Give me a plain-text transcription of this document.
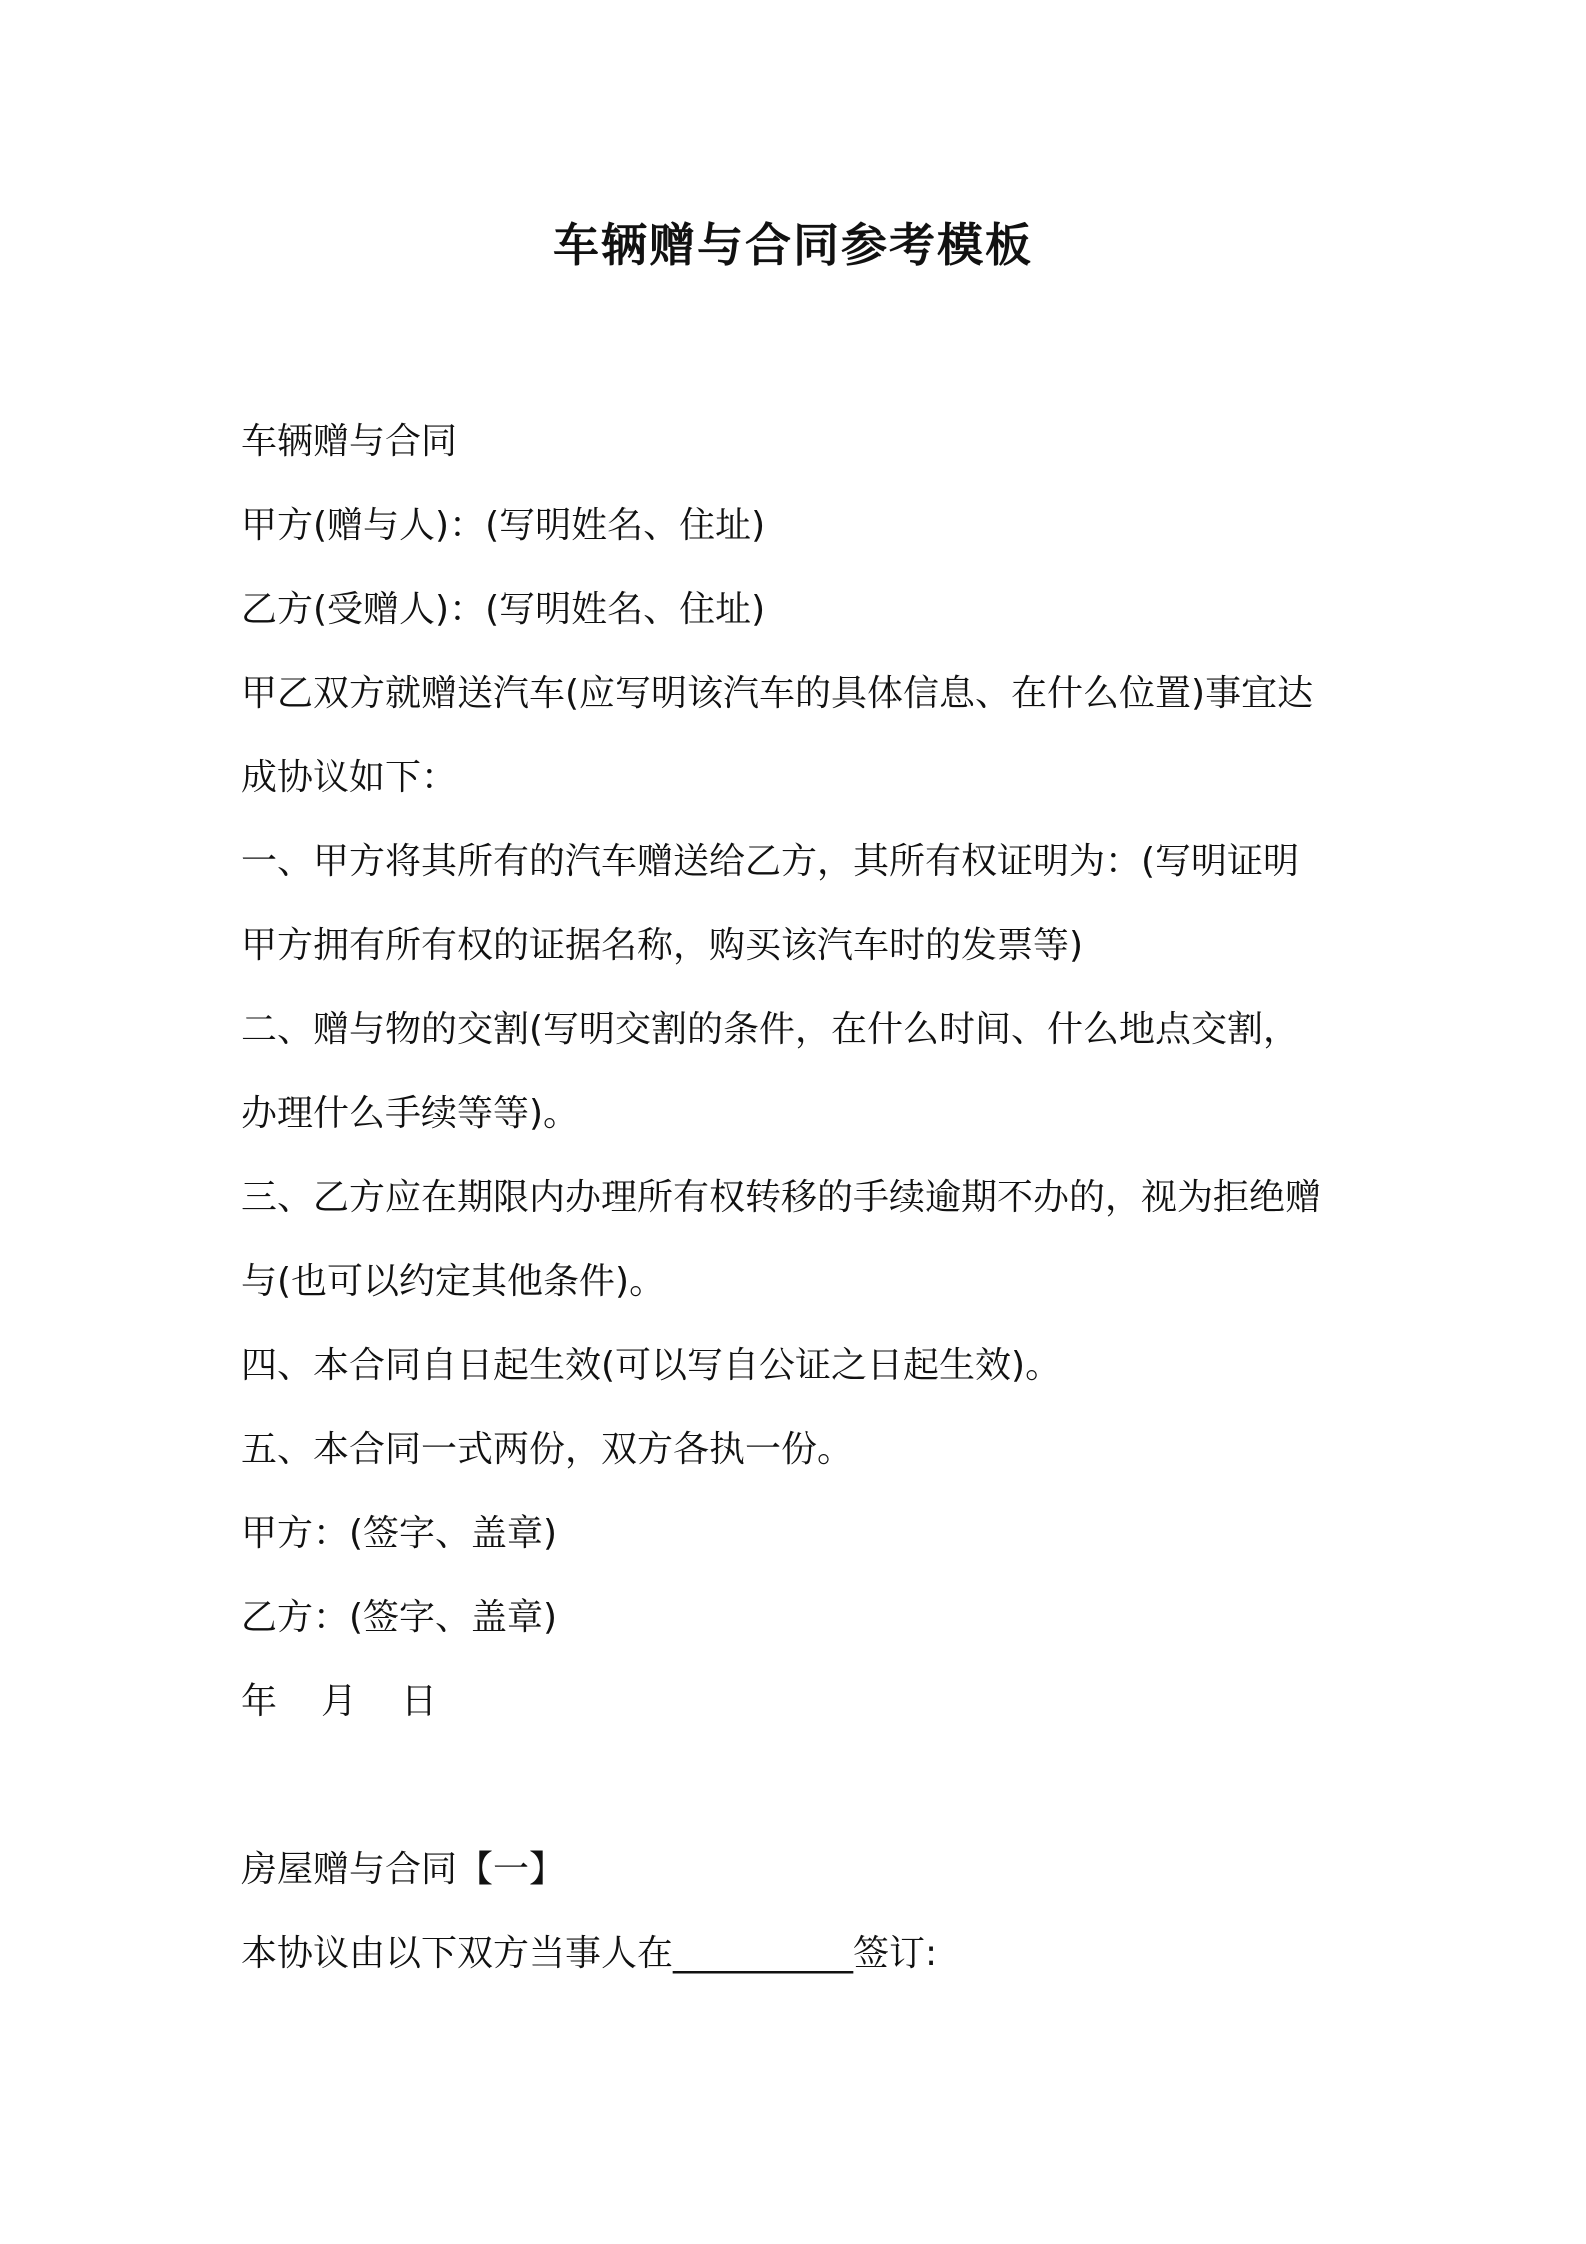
车辆赠与合同参考模板

车辆赠与合同

甲方(赠与人)：(写明姓名、住址)

乙方(受赠人)：(写明姓名、住址)

甲乙双方就赠送汽车(应写明该汽车的具体信息、在什么位置)事宜达

成协议如下：

一、甲方将其所有的汽车赠送给乙方，其所有权证明为：(写明证明

甲方拥有所有权的证据名称，购买该汽车时的发票等)

二、赠与物的交割(写明交割的条件，在什么时间、什么地点交割，

办理什么手续等等)。

三、乙方应在期限内办理所有权转移的手续逾期不办的，视为拒绝赠

与(也可以约定其他条件)。

四、本合同自日起生效(可以写自公证之日起生效)。

五、本合同一式两份，双方各执一份。

甲方：(签字、盖章)

乙方：(签字、盖章)

年 月 日

房屋赠与合同【一】

本协议由以下双方当事人在__________签订:
